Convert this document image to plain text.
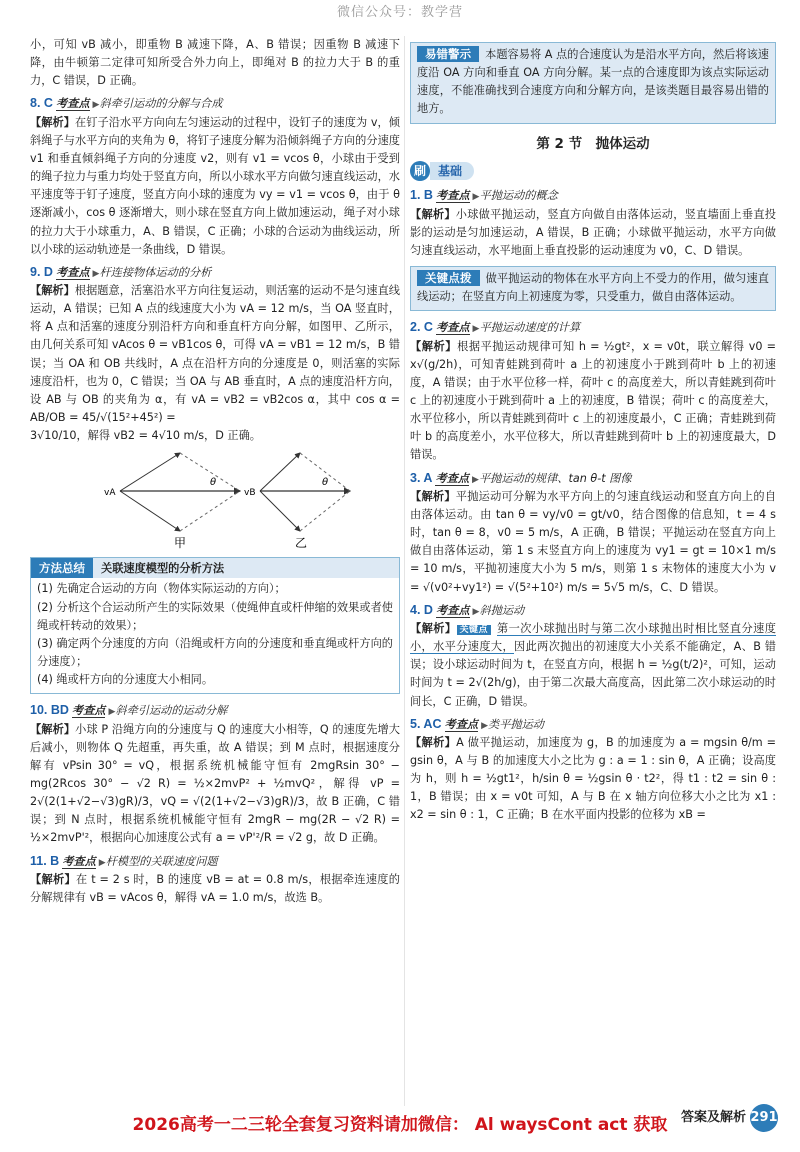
微信公众号：教学营

小，可知 vB 减小，即重物 B 减速下降，A、B 错误；因重物 B 减速下降，由牛顿第二定律可知所受合外力向上，即绳对 B 的拉力大于 B 的重力，C 错误，D 正确。

8. C 考查点 ▶斜牵引运动的分解与合成

【解析】在钉子沿水平方向向左匀速运动的过程中，设钉子的速度为 v，倾斜绳子与水平方向的夹角为 θ，将钉子速度分解为沿倾斜绳子方向的分速度 v1 和垂直倾斜绳子方向的分速度 v2，则有 v1 = vcos θ，小球由于受到的绳子拉力与重力均处于竖直方向，所以小球水平方向做匀速直线运动，水平速度等于钉子速度，竖直方向小球的速度为 vy = v1 = vcos θ，由于 θ 逐渐减小，cos θ 逐渐增大，则小球在竖直方向上做加速运动，绳子对小球的拉力大于小球重力，A、B 错误，C 正确；小球的合运动为曲线运动，所以小球的运动轨迹是一条曲线，D 错误。

9. D 考查点 ▶杆连接物体运动的分析

【解析】根据题意，活塞沿水平方向往复运动，则活塞的运动不是匀速直线运动，A 错误；已知 A 点的线速度大小为 vA = 12 m/s，当 OA 竖直时，将 A 点和活塞的速度分别沿杆方向和垂直杆方向分解，如图甲、乙所示，由几何关系可知 vAcos θ = vB1cos θ，可得 vA = vB1 = 12 m/s，B 错误；当 OA 和 OB 共线时，A 点在沿杆方向的分速度是 0，则活塞的实际速度沿杆，也为 0，C 错误；当 OA 与 AB 垂直时，A 点的速度沿杆方向，设 AB 与 OB 的夹角为 α，有 vA = vB2 = vB2cos α，其中 cos α = AB/OB = 45/√(15²+45²) =

3√10/10，解得 vB2 = 4√10 m/s，D 正确。

vA
θ
甲
vB
θ
乙
方法总结 关联速度模型的分析方法

(1) 先确定合运动的方向（物体实际运动的方向）；

(2) 分析这个合运动所产生的实际效果（使绳伸直或杆伸缩的效果或者使绳或杆转动的效果）；

(3) 确定两个分速度的方向（沿绳或杆方向的分速度和垂直绳或杆方向的分速度）；

(4) 绳或杆方向的分速度大小相同。

10. BD 考查点 ▶斜牵引运动的运动分解

【解析】小球 P 沿绳方向的分速度与 Q 的速度大小相等，Q 的速度先增大后减小，则物体 Q 先超重，再失重，故 A 错误；到 M 点时，根据速度分解有 vPsin 30° = vQ，根据系统机械能守恒有 2mgRsin 30° − mg(2Rcos 30° − √2 R) = ½×2mvP² + ½mvQ²，解得 vP = 2√(2(1+√2−√3)gR)/3，vQ = √(2(1+√2−√3)gR)/3，故 B 正确，C 错误；到 N 点时，根据系统机械能守恒有 2mgR − mg(2R − √2 R) = ½×2mvP'²，根据向心加速度公式有 a = vP'²/R = √2 g，故 D 正确。

11. B 考查点 ▶杆模型的关联速度问题

【解析】在 t = 2 s 时，B 的速度 vB = at = 0.8 m/s，根据牵连速度的分解规律有 vB = vAcos θ，解得 vA = 1.0 m/s，故选 B。

易错警示 本题容易将 A 点的合速度认为是沿水平方向，然后将该速度沿 OA 方向和垂直 OA 方向分解。某一点的合速度即为该点实际运动速度，不能准确找到合速度方向和分解方向，是该类题目最容易出错的地方。

第 2 节　抛体运动
刷	基础
1. B 考查点 ▶平抛运动的概念

【解析】小球做平抛运动，竖直方向做自由落体运动，竖直墙面上垂直投影的运动是匀加速运动，A 错误，B 正确；小球做平抛运动，水平方向做匀速直线运动，水平地面上垂直投影的运动速度为 v0，C、D 错误。

关键点拨 做平抛运动的物体在水平方向上不受力的作用，做匀速直线运动；在竖直方向上初速度为零，只受重力，做自由落体运动。

2. C 考查点 ▶平抛运动速度的计算

【解析】根据平抛运动规律可知 h = ½gt²，x = v0t，联立解得 v0 = x√(g/2h)，可知青蛙跳到荷叶 a 上的初速度小于跳到荷叶 b 上的初速度，A 错误；由于水平位移一样，荷叶 c 的高度差大，所以青蛙跳到荷叶 c 上的初速度小于跳到荷叶 a 上的初速度，B 错误；荷叶 c 的高度差大，水平位移小，所以青蛙跳到荷叶 c 上的初速度最小，C 正确；青蛙跳到荷叶 b 的高度差小，水平位移大，所以青蛙跳到荷叶 b 上的初速度最大，D 错误。

3. A 考查点 ▶平抛运动的规律、tan θ-t 图像

【解析】平抛运动可分解为水平方向上的匀速直线运动和竖直方向上的自由落体运动。由 tan θ = vy/v0 = gt/v0，结合图像的信息知，t = 4 s 时，tan θ = 8，v0 = 5 m/s，A 正确，B 错误；平抛运动在竖直方向上做自由落体运动，第 1 s 末竖直方向上的速度为 vy1 = gt = 10×1 m/s = 10 m/s，平抛初速度大小为 5 m/s，则第 1 s 末物体的速度大小为 v = √(v0²+vy1²) = √(5²+10²) m/s = 5√5 m/s，C、D 错误。

4. D 考查点 ▶斜抛运动

【解析】 关键点 第一次小球抛出时与第二次小球抛出时相比竖直分速度小，水平分速度大，因此两次抛出的初速度大小关系不能确定，A、B 错误；设小球运动时间为 t，在竖直方向，根据 h = ½g(t/2)²，可知，运动时间为 t = 2√(2h/g)，由于第二次最大高度高，因此第二次小球运动的时间长，C 正确，D 错误。

5. AC 考查点 ▶类平抛运动

【解析】A 做平抛运动，加速度为 g，B 的加速度为 a = mgsin θ/m = gsin θ，A 与 B 的加速度大小之比为 g : a = 1 : sin θ，A 正确；设高度为 h，则 h = ½gt1²，h/sin θ = ½gsin θ · t2²，得 t1 : t2 = sin θ : 1，B 错误；由 x = v0t 可知，A 与 B 在 x 轴方向位移大小之比为 x1 : x2 = sin θ : 1，C 正确；B 在水平面内投影的位移为 xB =

答案及解析 291
2026高考一二三轮全套复习资料请加微信： Al waysCont act 获取
